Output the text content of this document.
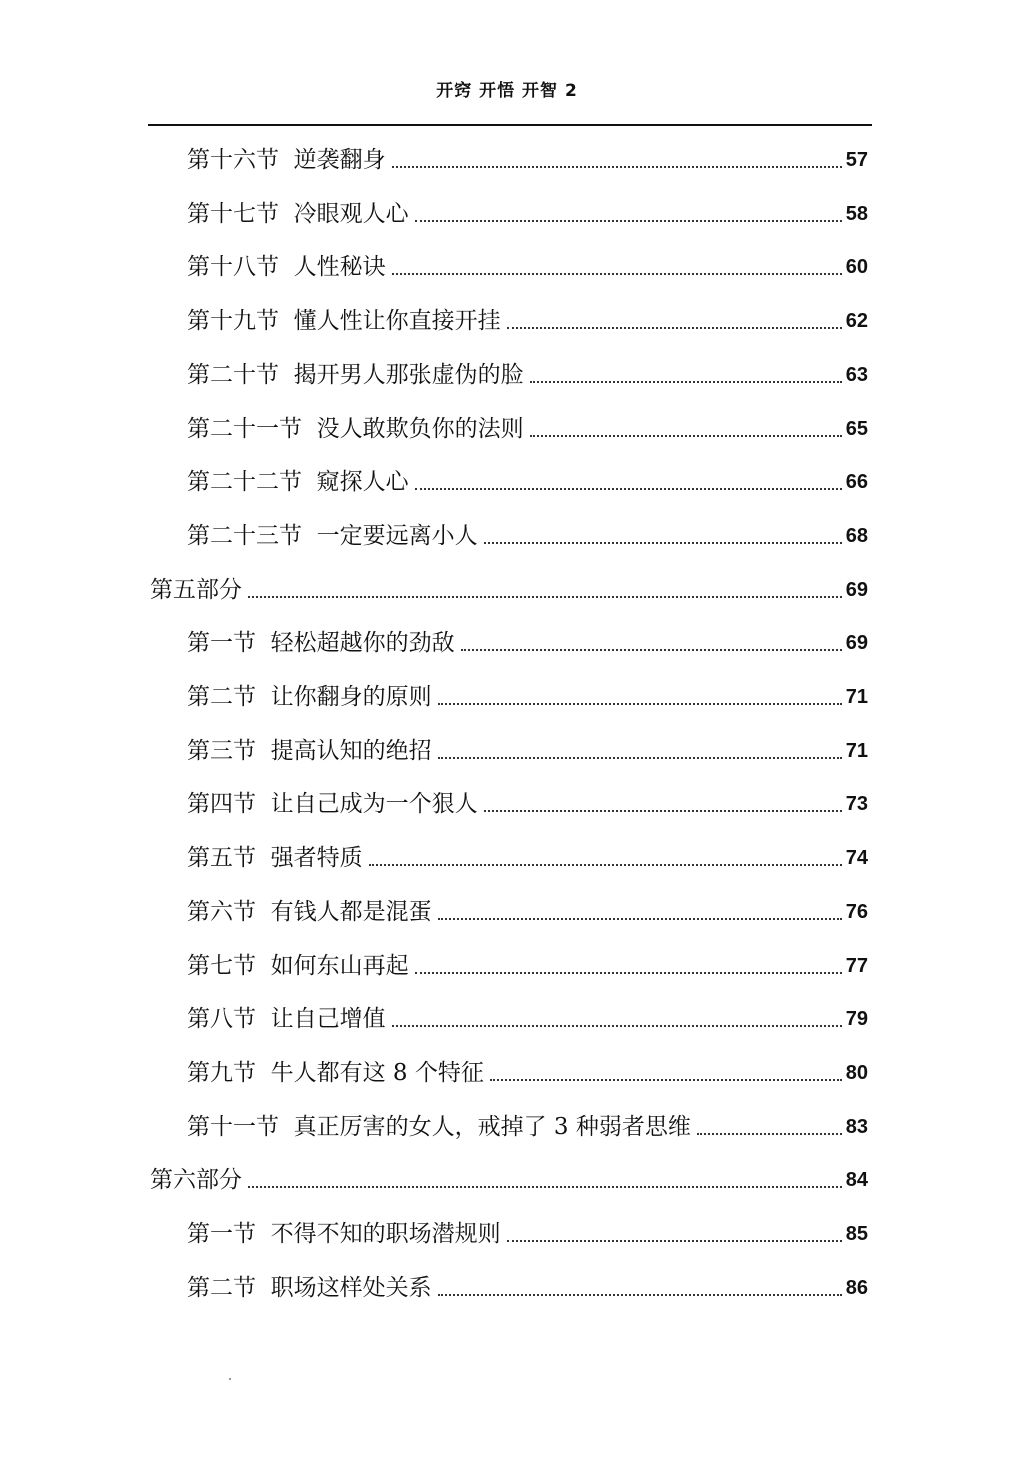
开窍 开悟 开智 2
第十六节  逆袭翻身	57
第十七节  冷眼观人心	58
第十八节  人性秘诀	60
第十九节  懂人性让你直接开挂	62
第二十节  揭开男人那张虚伪的脸	63
第二十一节  没人敢欺负你的法则	65
第二十二节  窥探人心	66
第二十三节  一定要远离小人	68
第五部分	69
第一节  轻松超越你的劲敌	69
第二节  让你翻身的原则	71
第三节  提高认知的绝招	71
第四节  让自己成为一个狠人	73
第五节  强者特质	74
第六节  有钱人都是混蛋	76
第七节  如何东山再起	77
第八节  让自己增值	79
第九节  牛人都有这 8 个特征	80
第十一节  真正厉害的女人，戒掉了 3 种弱者思维	83
第六部分	84
第一节  不得不知的职场潜规则	85
第二节  职场这样处关系	86
